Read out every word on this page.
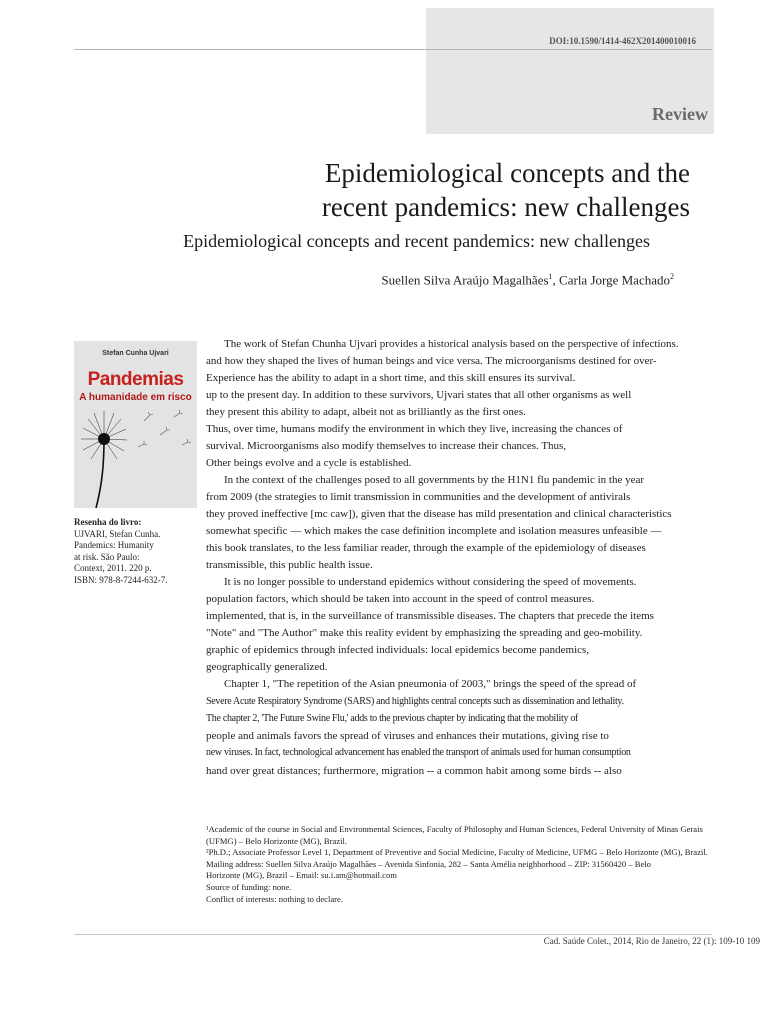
DOI:10.1590/1414-462X201400010016
Review
Epidemiological concepts and the
recent pandemics: new challenges
Epidemiological concepts and recent pandemics: new challenges
Suellen Silva Araújo Magalhães$^1$, Carla Jorge Machado$^2$
Stefan Cunha Ujvari
Pandemias
A humanidade em risco
Resenha do livro:
UJVARI, Stefan Cunha.
Pandemics: Humanity
at risk. São Paulo:
Context, 2011. 220 p.
ISBN: 978-8-7244-632-7.
The work of Stefan Chunha Ujvari provides a historical analysis based on the perspective of infections.
and how they shaped the lives of human beings and vice versa. The microorganisms destined for over-
Experience has the ability to adapt in a short time, and this skill ensures its survival.
up to the present day. In addition to these survivors, Ujvari states that all other organisms as well
they present this ability to adapt, albeit not as brilliantly as the first ones.
Thus, over time, humans modify the environment in which they live, increasing the chances of
survival. Microorganisms also modify themselves to increase their chances. Thus,
Other beings evolve and a cycle is established.
In the context of the challenges posed to all governments by the H1N1 flu pandemic in the year
from 2009 (the strategies to limit transmission in communities and the development of antivirals
they proved ineffective [mc caw]), given that the disease has mild presentation and clinical characteristics
somewhat specific — which makes the case definition incomplete and isolation measures unfeasible —
this book translates, to the less familiar reader, through the example of the epidemiology of diseases
transmissible, this public health issue.
It is no longer possible to understand epidemics without considering the speed of movements.
population factors, which should be taken into account in the speed of control measures.
implemented, that is, in the surveillance of transmissible diseases. The chapters that precede the items
"Note" and "The Author" make this reality evident by emphasizing the spreading and geo-mobility.
graphic of epidemics through infected individuals: local epidemics become pandemics,
geographically generalized.
Chapter 1, "The repetition of the Asian pneumonia of 2003," brings the speed of the spread of
Severe Acute Respiratory Syndrome (SARS) and highlights central concepts such as dissemination and lethality.
The chapter 2, 'The Future Swine Flu,' adds to the previous chapter by indicating that the mobility of
people and animals favors the spread of viruses and enhances their mutations, giving rise to
new viruses. In fact, technological advancement has enabled the transport of animals used for human consumption
hand over great distances; furthermore, migration -- a common habit among some birds -- also
¹Academic of the course in Social and Environmental Sciences, Faculty of Philosophy and Human Sciences, Federal University of Minas Gerais
(UFMG) – Belo Horizonte (MG), Brazil.
²Ph.D.; Associate Professor Level 1, Department of Preventive and Social Medicine, Faculty of Medicine, UFMG – Belo Horizonte (MG), Brazil.
Mailing address: Suellen Silva Araújo Magalhães – Avenida Sinfonia, 282 – Santa Amélia neighborhood – ZIP: 31560420 – Belo
Horizonte (MG), Brazil – Email: su.i.am@hotmail.com
Source of funding: none.
Conflict of interests: nothing to declare.
Cad. Saúde Colet., 2014, Rio de Janeiro, 22 (1): 109-10 109
